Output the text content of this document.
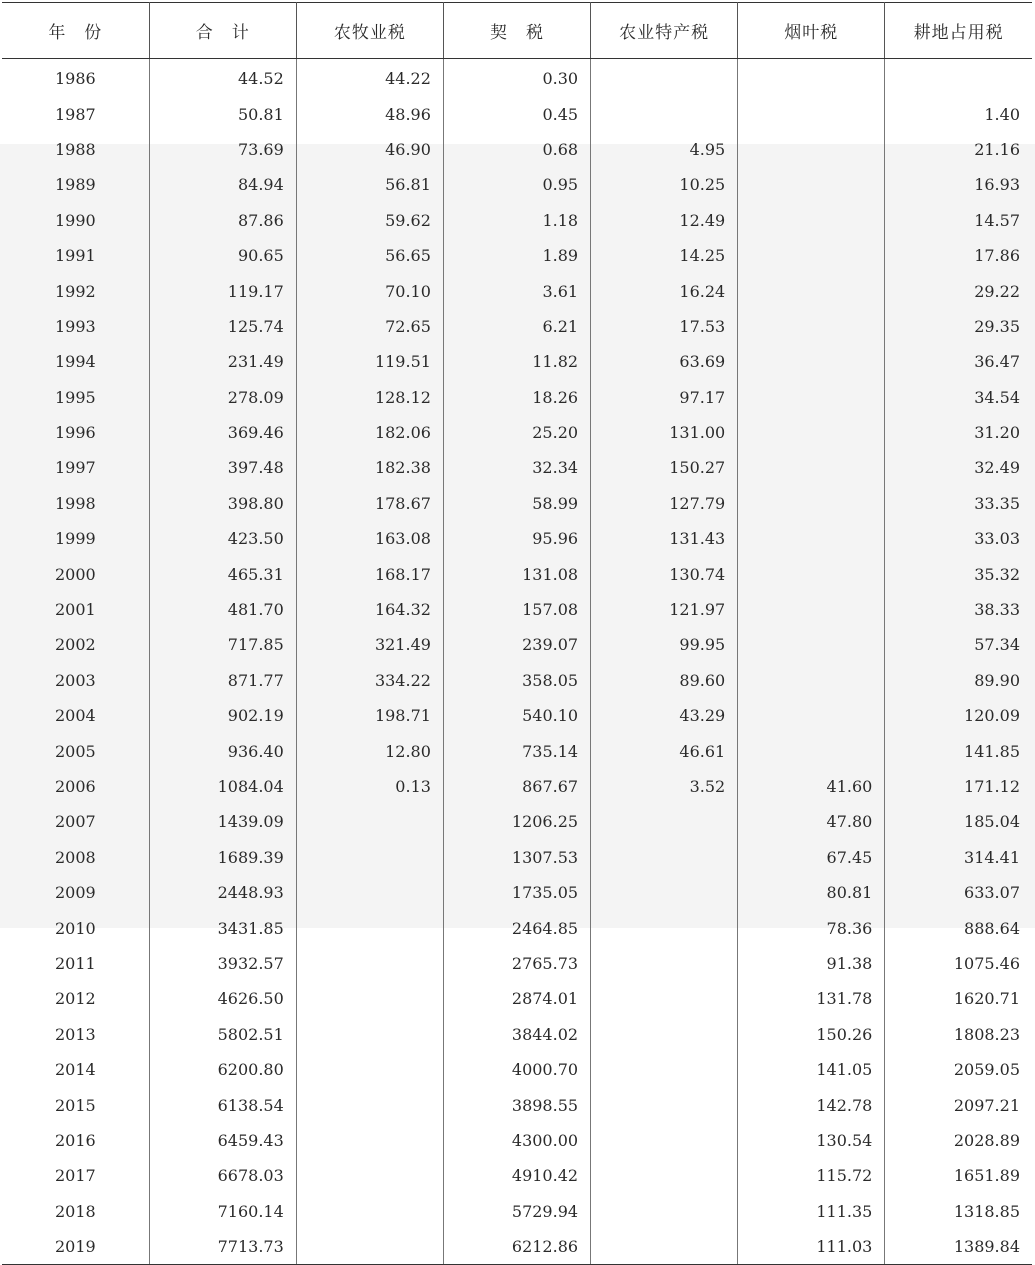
年　份	合　计	农牧业税	契　税	农业特产税	烟叶税	耕地占用税
1986	44.52	44.22	0.30			
1987	50.81	48.96	0.45			1.40
1988	73.69	46.90	0.68	4.95		21.16
1989	84.94	56.81	0.95	10.25		16.93
1990	87.86	59.62	1.18	12.49		14.57
1991	90.65	56.65	1.89	14.25		17.86
1992	119.17	70.10	3.61	16.24		29.22
1993	125.74	72.65	6.21	17.53		29.35
1994	231.49	119.51	11.82	63.69		36.47
1995	278.09	128.12	18.26	97.17		34.54
1996	369.46	182.06	25.20	131.00		31.20
1997	397.48	182.38	32.34	150.27		32.49
1998	398.80	178.67	58.99	127.79		33.35
1999	423.50	163.08	95.96	131.43		33.03
2000	465.31	168.17	131.08	130.74		35.32
2001	481.70	164.32	157.08	121.97		38.33
2002	717.85	321.49	239.07	99.95		57.34
2003	871.77	334.22	358.05	89.60		89.90
2004	902.19	198.71	540.10	43.29		120.09
2005	936.40	12.80	735.14	46.61		141.85
2006	1084.04	0.13	867.67	3.52	41.60	171.12
2007	1439.09		1206.25		47.80	185.04
2008	1689.39		1307.53		67.45	314.41
2009	2448.93		1735.05		80.81	633.07
2010	3431.85		2464.85		78.36	888.64
2011	3932.57		2765.73		91.38	1075.46
2012	4626.50		2874.01		131.78	1620.71
2013	5802.51		3844.02		150.26	1808.23
2014	6200.80		4000.70		141.05	2059.05
2015	6138.54		3898.55		142.78	2097.21
2016	6459.43		4300.00		130.54	2028.89
2017	6678.03		4910.42		115.72	1651.89
2018	7160.14		5729.94		111.35	1318.85
2019	7713.73		6212.86		111.03	1389.84
